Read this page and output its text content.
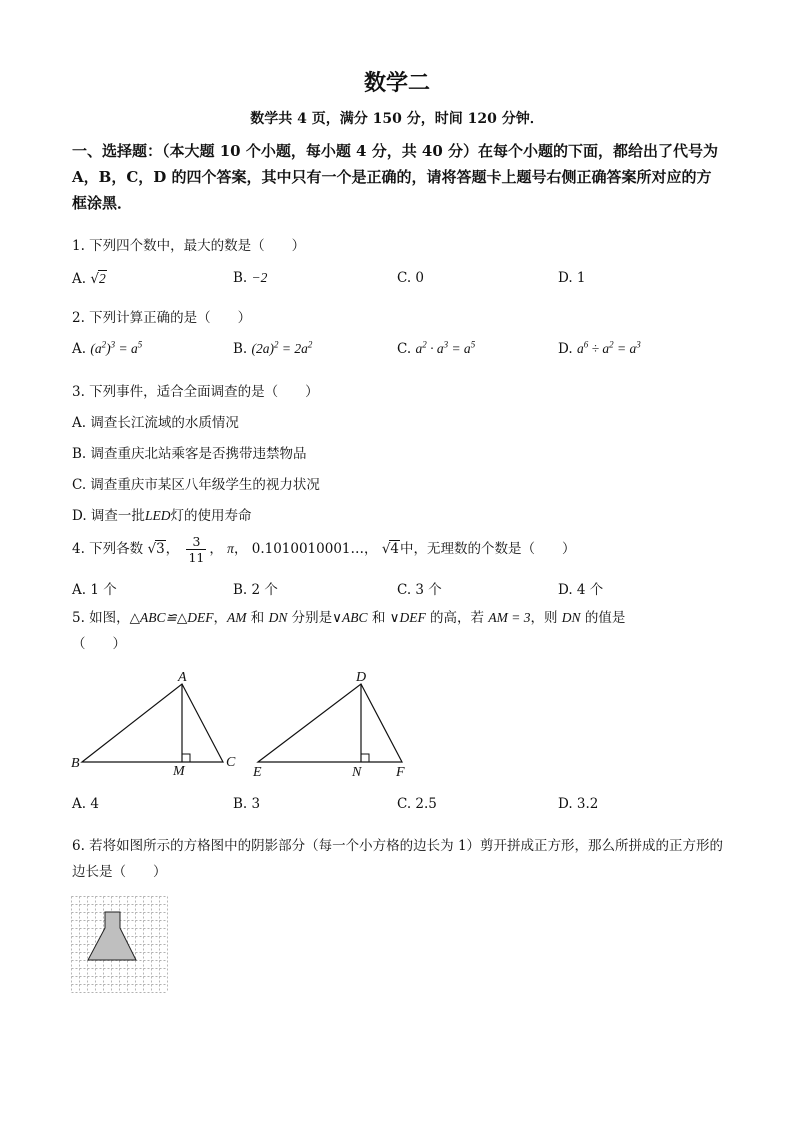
数学二
数学共 4 页，满分 150 分，时间 120 分钟．
一、选择题：（本大题 10 个小题，每小题 4 分，共 40 分）在每个小题的下面，都给出了代号为 A，B，C，D 的四个答案，其中只有一个是正确的，请将答题卡上题号右侧正确答案所对应的方框涂黑．
1. 下列四个数中，最大的数是（　　）
A. √2	B. −2	C. 0	D. 1
2. 下列计算正确的是（　　）
A. $(a^2)^3 = a^5$	B. $(2a)^2 = 2a^2$	C. $a^2 \cdot a^3 = a^5$	D. $a^6 \div a^2 = a^3$
3. 下列事件，适合全面调查的是（　　）
A. 调查长江流域的水质情况
B. 调查重庆北站乘客是否携带违禁物品
C. 调查重庆市某区八年级学生的视力状况
D. 调查一批LED灯的使用寿命
4. 下列各数 √3， $\frac{3}{11}$ ， π， 0.1010010001…， √4中，无理数的个数是（　　）
A. 1 个	B. 2 个	C. 3 个	D. 4 个
5. 如图，△ABC≌△DEF，AM 和 DN 分别是∨ABC 和 ∨DEF 的高，若 AM = 3，则 DN 的值是
（　　）
A
B	C
M
D
E	F
N
A. 4	B. 3	C. 2.5	D. 3.2
6. 若将如图所示的方格图中的阴影部分（每一个小方格的边长为 1）剪开拼成正方形，那么所拼成的正方形的边长是（　　）
